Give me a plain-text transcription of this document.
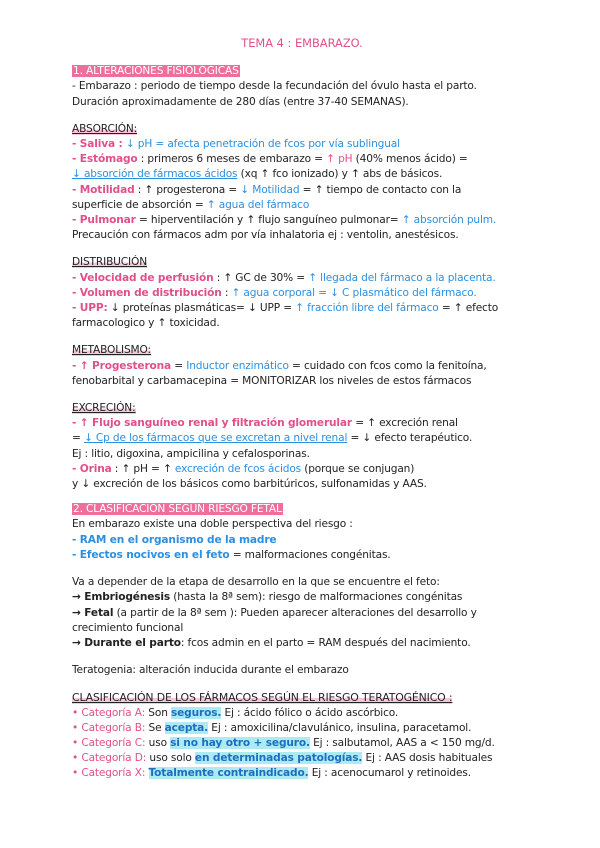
TEMA 4 : EMBARAZO.
1. ALTERACIONES FISIOLÓGICAS
- Embarazo : periodo de tiempo desde la fecundación del óvulo hasta el parto.
Duración aproximadamente de 280 días (entre 37-40 SEMANAS).
ABSORCIÓN:
- Saliva : ↓ pH = afecta penetración de fcos por vía sublingual
- Estómago : primeros 6 meses de embarazo = ↑ pH (40% menos ácido) =
↓ absorción de fármacos ácidos (xq ↑ fco ionizado) y ↑ abs de básicos.
- Motilidad : ↑ progesterona = ↓ Motilidad = ↑ tiempo de contacto con la
superficie de absorción = ↑ agua del fármaco
- Pulmonar = hiperventilación y ↑ flujo sanguíneo pulmonar= ↑ absorción pulm.
Precaución con fármacos adm por vía inhalatoria ej : ventolin, anestésicos.
DISTRIBUCIÓN
- Velocidad de perfusión : ↑ GC de 30% = ↑ llegada del fármaco a la placenta.
- Volumen de distribución : ↑ agua corporal = ↓ C plasmático del fármaco.
- UPP: ↓ proteínas plasmáticas= ↓ UPP = ↑ fracción libre del fármaco = ↑ efecto
farmacologico y ↑ toxicidad.
METABOLISMO:
- ↑ Progesterona = Inductor enzimático = cuidado con fcos como la fenitoína,
fenobarbital y carbamacepina = MONITORIZAR los niveles de estos fármacos
EXCRECIÓN:
- ↑ Flujo sanguíneo renal y filtración glomerular = ↑ excreción renal
= ↓ Cp de los fármacos que se excretan a nivel renal = ↓ efecto terapéutico.
Ej : litio, digoxina, ampicilina y cefalosporinas.
- Orina : ↑ pH = ↑ excreción de fcos ácidos (porque se conjugan)
y ↓ excreción de los básicos como barbitúricos, sulfonamidas y AAS.
2. CLASIFICACIÓN SEGÚN RIESGO FETAL
En embarazo existe una doble perspectiva del riesgo :
- RAM en el organismo de la madre
- Efectos nocivos en el feto = malformaciones congénitas.
Va a depender de la etapa de desarrollo en la que se encuentre el feto:
→ Embriogénesis (hasta la 8ª sem): riesgo de malformaciones congénitas
→ Fetal (a partir de la 8ª sem ): Pueden aparecer alteraciones del desarrollo y
crecimiento funcional
→ Durante el parto: fcos admin en el parto = RAM después del nacimiento.
Teratogenia: alteración inducida durante el embarazo
CLASIFICACIÓN DE LOS FÁRMACOS SEGÚN EL RIESGO TERATOGÉNICO :
• Categoría A: Son seguros. Ej : ácido fólico o ácido ascórbico.
• Categoría B: Se acepta. Ej : amoxicilina/clavulánico, insulina, paracetamol.
• Categoría C: uso si no hay otro + seguro. Ej : salbutamol, AAS a < 150 mg/d.
• Categoría D: uso solo en determinadas patologías. Ej : AAS dosis habituales
• Categoría X: Totalmente contraindicado. Ej : acenocumarol y retinoides.
